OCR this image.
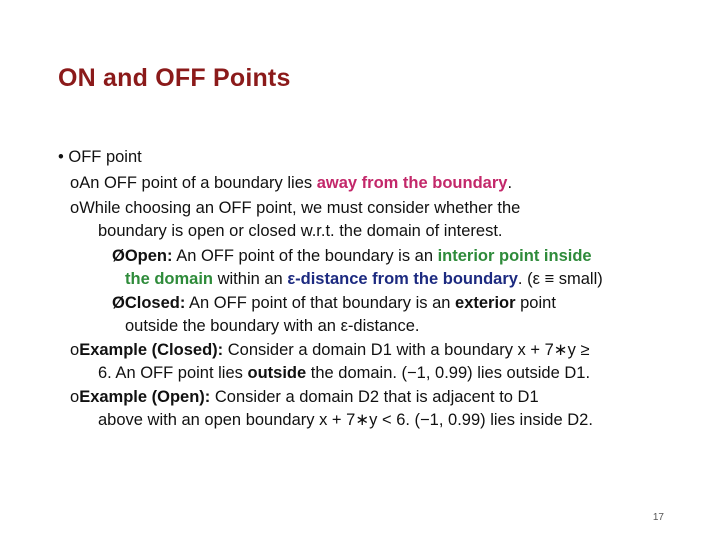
ON and OFF Points
• OFF point
oAn OFF point of a boundary lies away from the boundary.
oWhile choosing an OFF point, we must consider whether the
boundary is open or closed w.r.t. the domain of interest.
ØOpen: An OFF point of the boundary is an interior point inside
the domain within an ε-distance from the boundary. (ε ≡ small)
ØClosed: An OFF point of that boundary is an exterior point
outside the boundary with an ε-distance.
oExample (Closed): Consider a domain D1 with a boundary x + 7∗y ≥
6. An OFF point lies outside the domain. (−1, 0.99) lies outside D1.
oExample (Open): Consider a domain D2 that is adjacent to D1
above with an open boundary x + 7∗y < 6. (−1, 0.99) lies inside D2.
17
